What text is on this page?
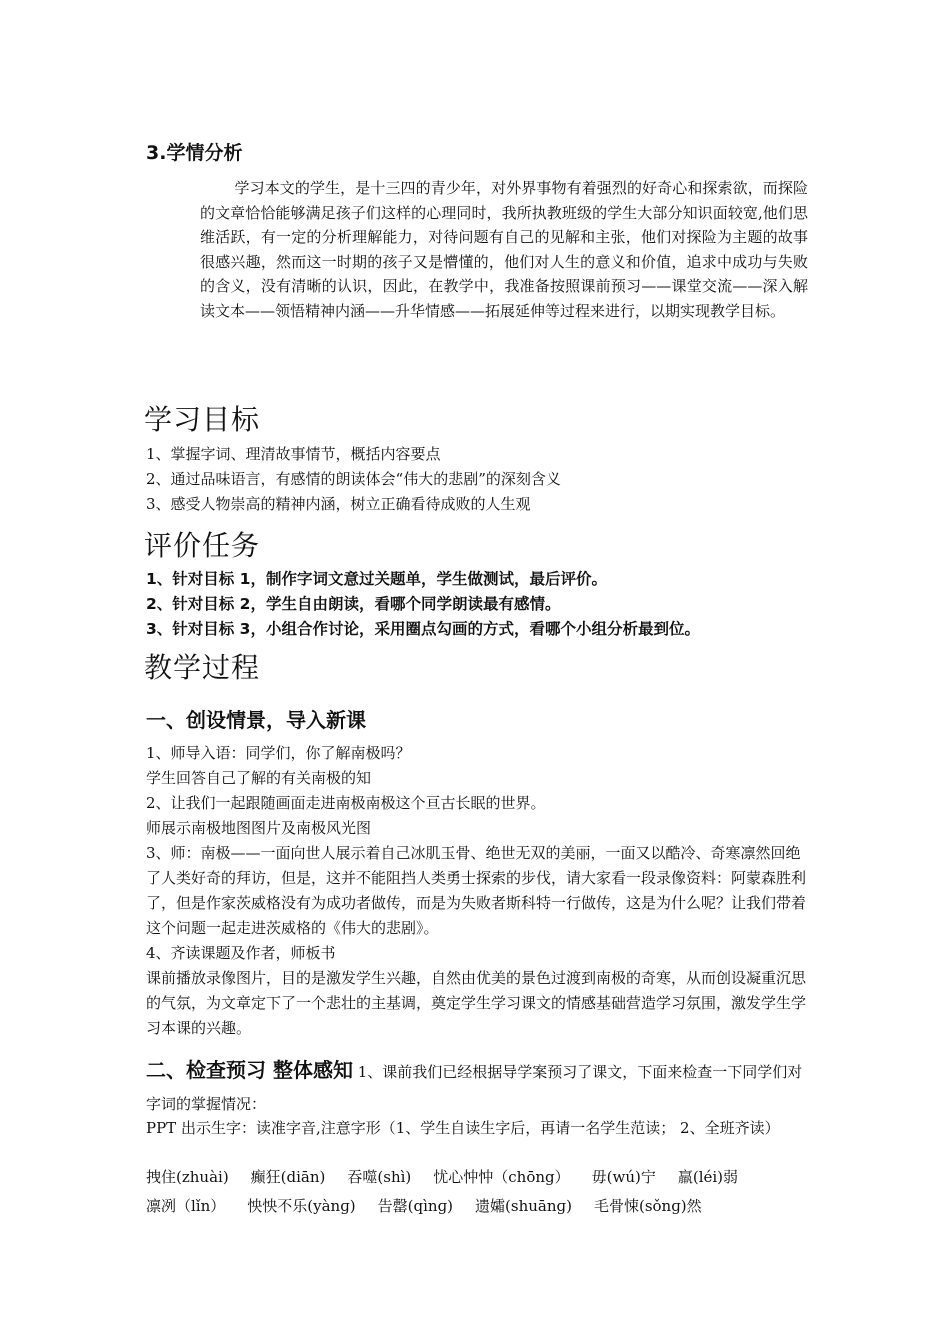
3.学情分析
学习本文的学生，是十三四的青少年，对外界事物有着强烈的好奇心和探索欲，而探险的文章恰恰能够满足孩子们这样的心理同时，我所执教班级的学生大部分知识面较宽,他们思维活跃，有一定的分析理解能力，对待问题有自己的见解和主张，他们对探险为主题的故事很感兴趣，然而这一时期的孩子又是懵懂的，他们对人生的意义和价值，追求中成功与失败的含义，没有清晰的认识，因此，在教学中，我准备按照课前预习——课堂交流——深入解读文本——领悟精神内涵——升华情感——拓展延伸等过程来进行，以期实现教学目标。
学习目标
1、掌握字词、理清故事情节，概括内容要点
2、通过品味语言，有感情的朗读体会“伟大的悲剧”的深刻含义
3、感受人物崇高的精神内涵，树立正确看待成败的人生观
评价任务
1、针对目标 1，制作字词文意过关题单，学生做测试，最后评价。
2、针对目标 2，学生自由朗读，看哪个同学朗读最有感情。
3、针对目标 3，小组合作讨论，采用圈点勾画的方式，看哪个小组分析最到位。
教学过程
一、创设情景，导入新课
1、师导入语：同学们，你了解南极吗？
学生回答自己了解的有关南极的知
2、让我们一起跟随画面走进南极南极这个亘古长眠的世界。
师展示南极地图图片及南极风光图
3、师：南极——一面向世人展示着自己冰肌玉骨、绝世无双的美丽，一面又以酷冷、奇寒凛然回绝了人类好奇的拜访，但是，这并不能阻挡人类勇士探索的步伐，请大家看一段录像资料：阿蒙森胜利了，但是作家茨威格没有为成功者做传，而是为失败者斯科特一行做传，这是为什么呢？让我们带着这个问题一起走进茨威格的《伟大的悲剧》。
4、齐读课题及作者，师板书
课前播放录像图片，目的是激发学生兴趣，自然由优美的景色过渡到南极的奇寒，从而创设凝重沉思的气氛，为文章定下了一个悲壮的主基调，奠定学生学习课文的情感基础营造学习氛围，激发学生学习本课的兴趣。
二、检查预习 整体感知 1、课前我们已经根据导学案预习了课文，下面来检查一下同学们对字词的掌握情况：
PPT 出示生字：读准字音,注意字形（1、学生自读生字后，再请一名学生范读； 2、全班齐读）
拽住(zhuài) 癫狂(diān) 吞噬(shì) 忧心忡忡（chōng） 毋(wú)宁 羸(léi)弱
凛冽（lǐn） 怏怏不乐(yànɡ) 告罄(qìnɡ) 遗孀(shuānɡ) 毛骨悚(sǒnɡ)然
